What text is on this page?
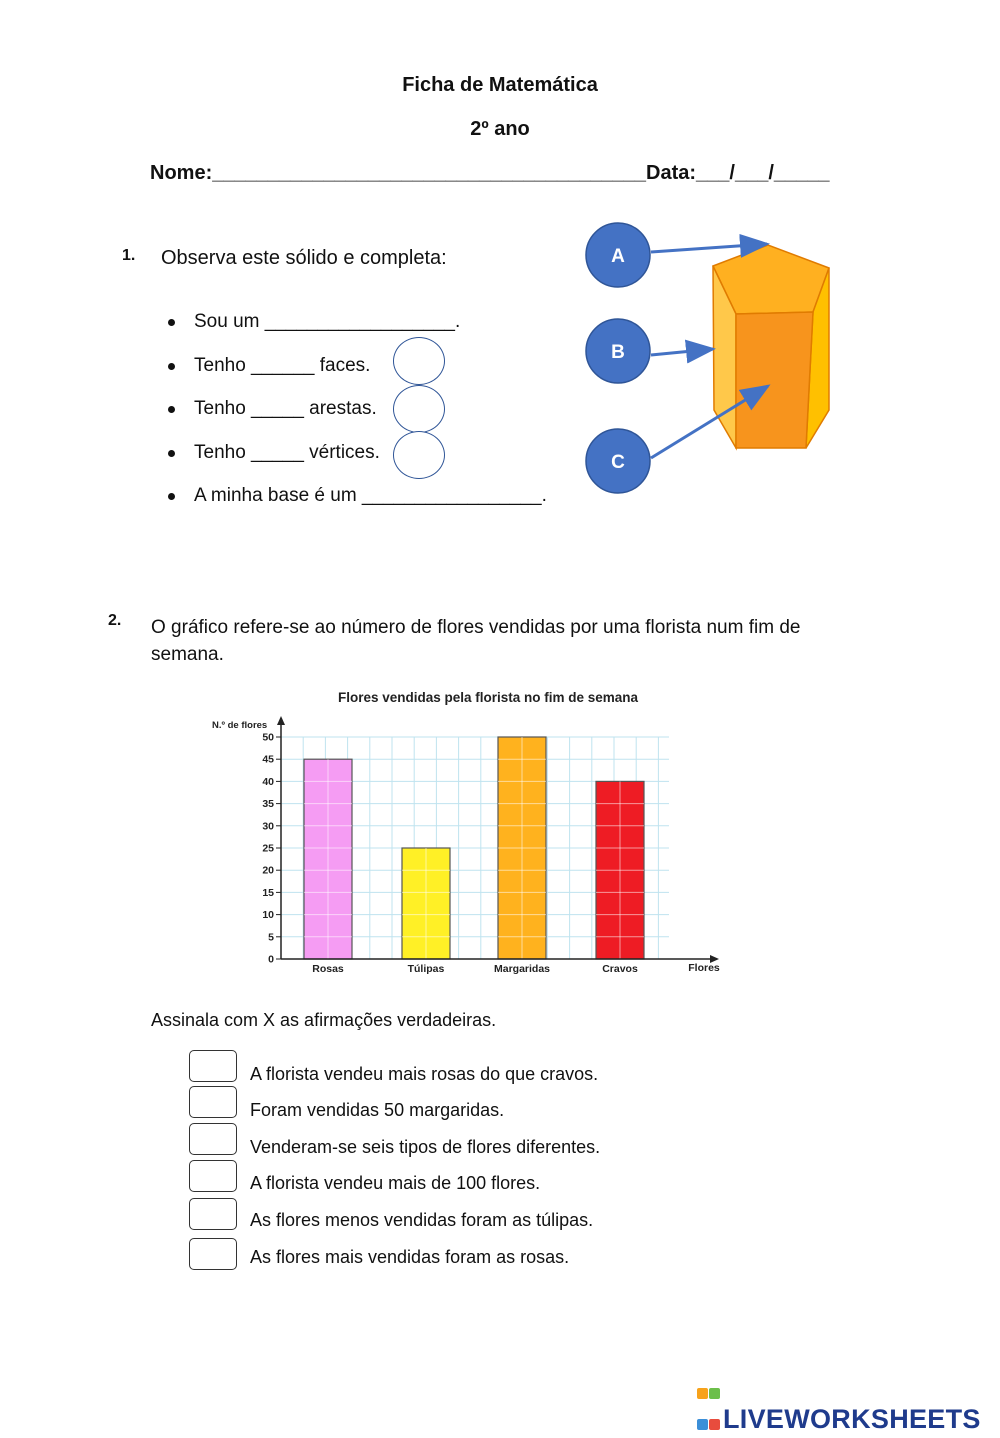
Ficha de Matemática
2º ano
Nome:_______________________________________Data:___/___/_____
1. Observa este sólido e completa:
Sou um __________________.
Tenho ______ faces.
Tenho _____ arestas.
Tenho _____ vértices.
A minha base é um _________________.
A
B
C
2. O gráfico refere-se ao número de flores vendidas por uma florista num fim de semana.
Flores vendidas pela florista no fim de semana
N.º de flores
Flores
Rosas	Túlipas	Margaridas	Cravos
0
5
10
15
20
25
30
35
40
45
50
Assinala com X as afirmações verdadeiras.
A florista vendeu mais rosas do que cravos.
Foram vendidas 50 margaridas.
Venderam-se seis tipos de flores diferentes.
A florista vendeu mais de 100 flores.
As flores menos vendidas foram as túlipas.
As flores mais vendidas foram as rosas.

LIVEWORKSHEETS
